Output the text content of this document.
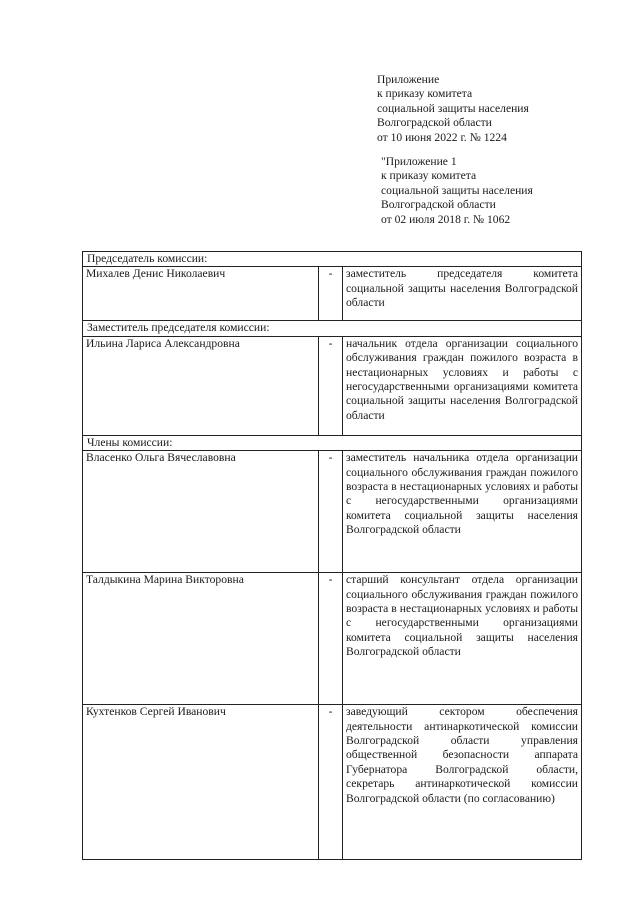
Приложение
к приказу комитета
социальной защиты населения
Волгоградской области
от 10 июня 2022 г. № 1224
"Приложение 1
к приказу комитета
социальной защиты населения
Волгоградской области
от 02 июля 2018 г. № 1062
Председатель комиссии:		
Михалев Денис Николаевич	-	заместитель председателя комитета социальной защиты населения Волгоградской области
Заместитель председателя комиссии:		
Ильина Лариса Александровна	-	начальник отдела организации социального обслуживания граждан пожилого возраста в нестационарных условиях и работы с негосударственными организациями комитета социальной защиты населения Волгоградской области
Члены комиссии:		
Власенко Ольга Вячеславовна	-	заместитель начальника отдела организации социального обслуживания граждан пожилого возраста в нестационарных условиях и работы с негосударственными организациями комитета социальной защиты населения Волгоградской области
Талдыкина Марина Викторовна	-	старший консультант отдела организации социального обслуживания граждан пожилого возраста в нестационарных условиях и работы с негосударственными организациями комитета социальной защиты населения Волгоградской области
Кухтенков Сергей Иванович	-	заведующий сектором обеспечения деятельности антинаркотической комиссии Волгоградской области управления общественной безопасности аппарата Губернатора Волгоградской области, секретарь антинаркотической комиссии Волгоградской области (по согласованию)
